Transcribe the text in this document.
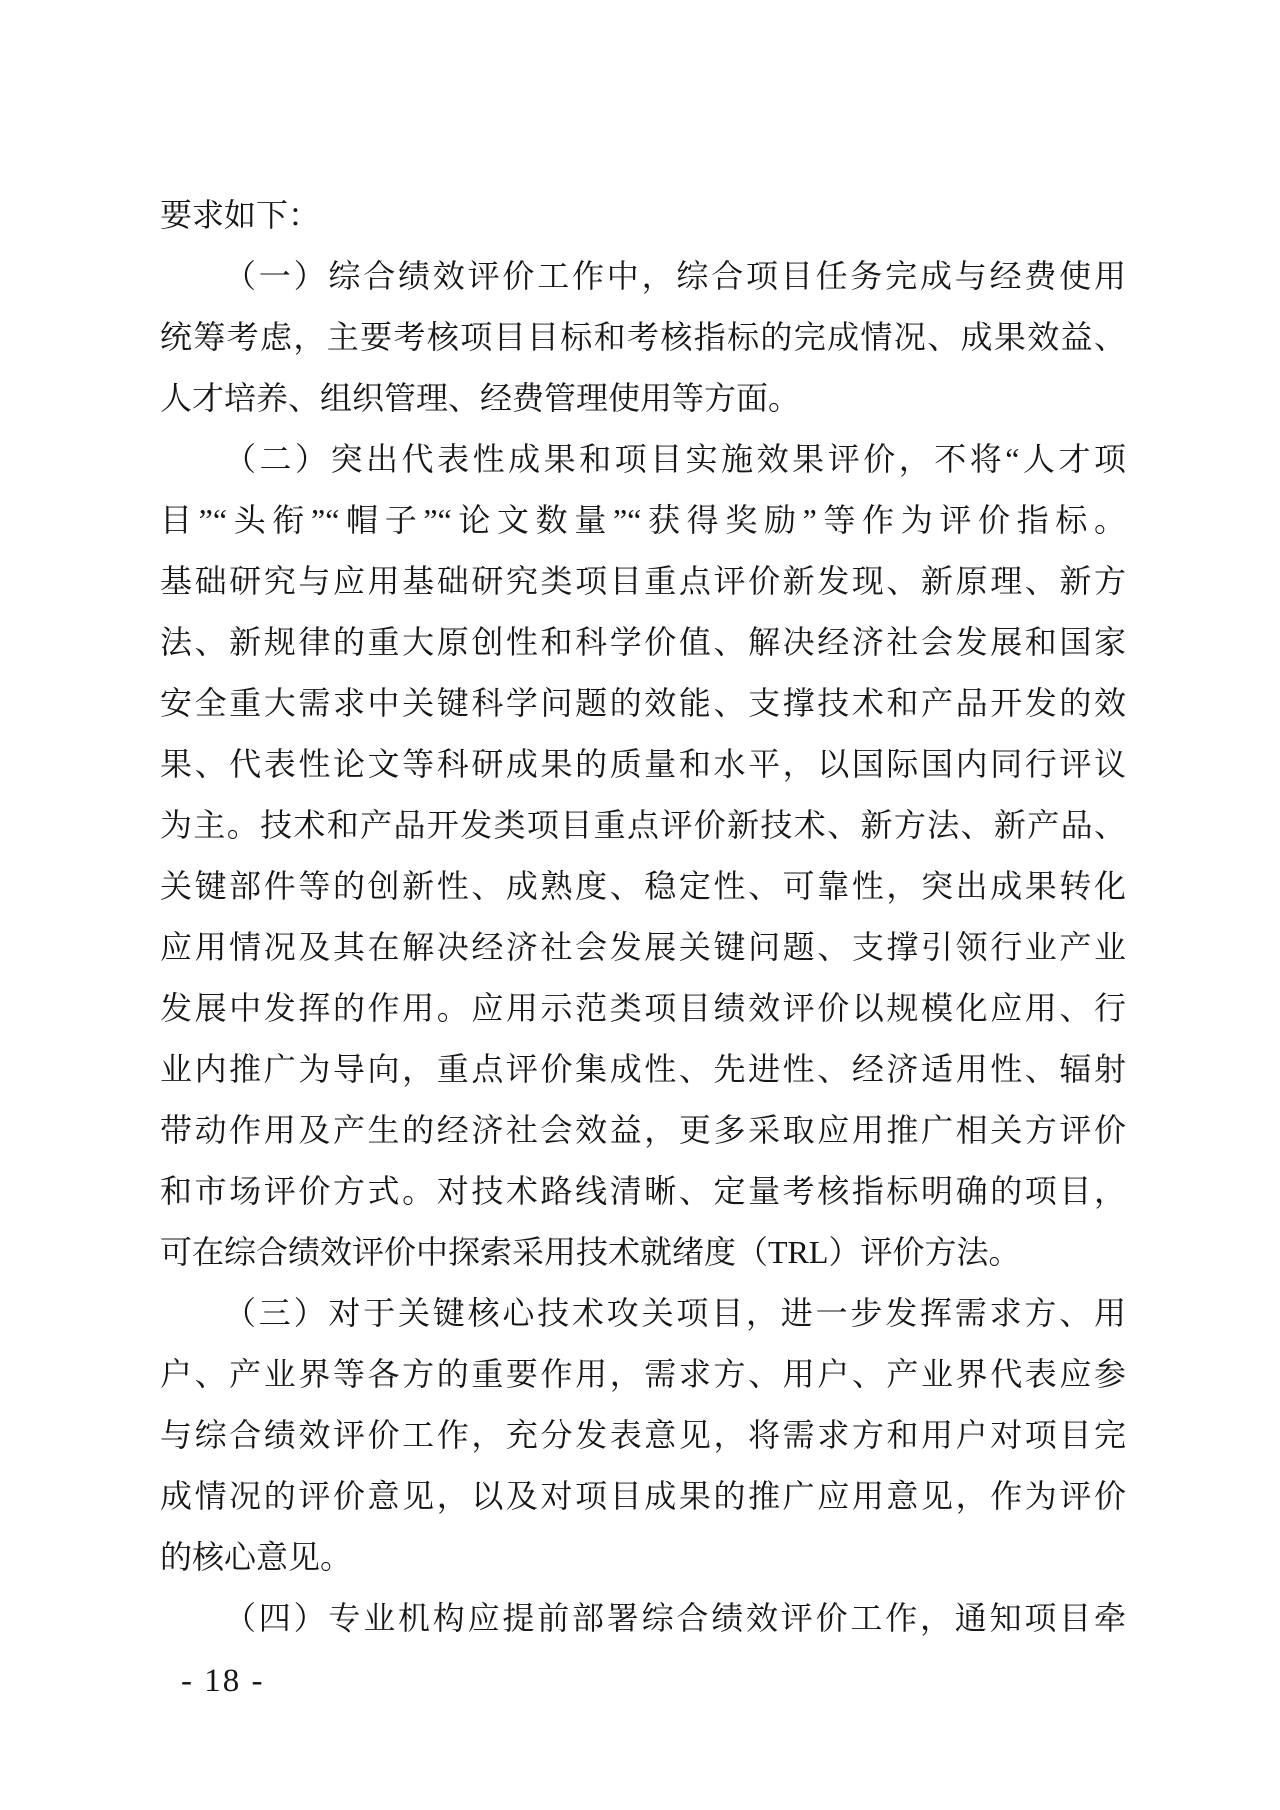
要求如下：
（一）综合绩效评价工作中，综合项目任务完成与经费使用
统筹考虑，主要考核项目目标和考核指标的完成情况、成果效益、
人才培养、组织管理、经费管理使用等方面。
（二）突出代表性成果和项目实施效果评价，不将“人才项
目”“头衔”“帽子”“论文数量”“获得奖励”等作为评价指标。
基础研究与应用基础研究类项目重点评价新发现、新原理、新方
法、新规律的重大原创性和科学价值、解决经济社会发展和国家
安全重大需求中关键科学问题的效能、支撑技术和产品开发的效
果、代表性论文等科研成果的质量和水平，以国际国内同行评议
为主。技术和产品开发类项目重点评价新技术、新方法、新产品、
关键部件等的创新性、成熟度、稳定性、可靠性，突出成果转化
应用情况及其在解决经济社会发展关键问题、支撑引领行业产业
发展中发挥的作用。应用示范类项目绩效评价以规模化应用、行
业内推广为导向，重点评价集成性、先进性、经济适用性、辐射
带动作用及产生的经济社会效益，更多采取应用推广相关方评价
和市场评价方式。对技术路线清晰、定量考核指标明确的项目，
可在综合绩效评价中探索采用技术就绪度（TRL）评价方法。
（三）对于关键核心技术攻关项目，进一步发挥需求方、用
户、产业界等各方的重要作用，需求方、用户、产业界代表应参
与综合绩效评价工作，充分发表意见，将需求方和用户对项目完
成情况的评价意见，以及对项目成果的推广应用意见，作为评价
的核心意见。
（四）专业机构应提前部署综合绩效评价工作，通知项目牵
- 18 -
